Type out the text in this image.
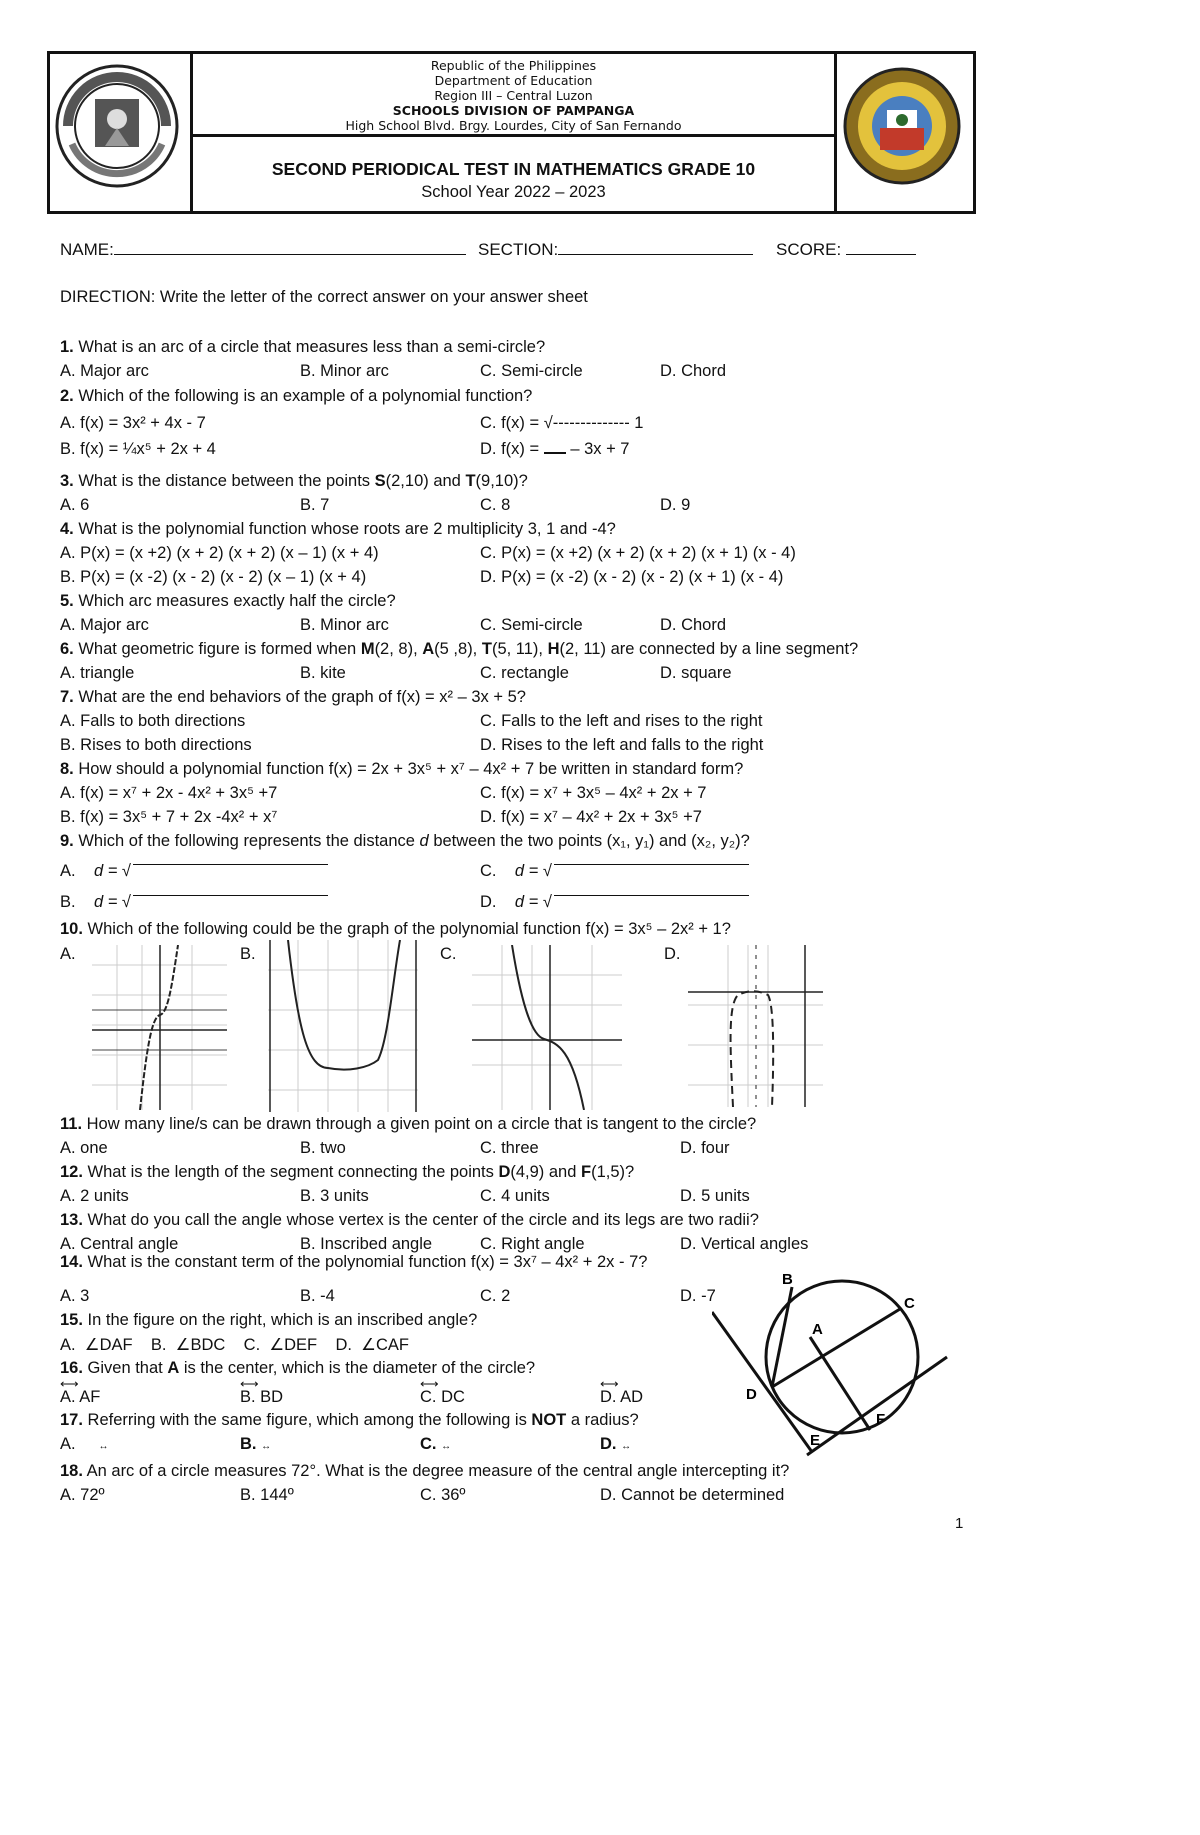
Republic of the Philippines
Department of Education
Region III – Central Luzon
SCHOOLS DIVISION OF PAMPANGA
High School Blvd. Brgy. Lourdes, City of San Fernando
SECOND PERIODICAL TEST IN MATHEMATICS GRADE 10
School Year 2022 – 2023
NAME:	SECTION:	SCORE:
DIRECTION: Write the letter of the correct answer on your answer sheet
1. What is an arc of a circle that measures less than a semi-circle?
A. Major arc	B. Minor arc	C. Semi-circle	D. Chord
2. Which of the following is an example of a polynomial function?
A. f(x) = 3x² + 4x - 7	C. f(x) = √-------------- 1
B. f(x) = ¼x⁵ + 2x + 4	D. f(x) =  – 3x + 7
3. What is the distance between the points S(2,10) and T(9,10)?
A. 6	B. 7	C. 8	D. 9
4. What is the polynomial function whose roots are 2 multiplicity 3, 1 and -4?
A. P(x) = (x +2) (x + 2) (x + 2) (x – 1) (x + 4)	C. P(x) = (x +2) (x + 2) (x + 2) (x + 1) (x - 4)
B. P(x) = (x -2) (x - 2) (x - 2) (x – 1) (x + 4)	D. P(x) = (x -2) (x - 2) (x - 2) (x + 1) (x - 4)
5. Which arc measures exactly half the circle?
A. Major arc	B. Minor arc	C. Semi-circle	D. Chord
6. What geometric figure is formed when M(2, 8), A(5 ,8), T(5, 11), H(2, 11) are connected by a line segment?
A. triangle	B. kite	C. rectangle	D. square
7. What are the end behaviors of the graph of f(x) = x² – 3x + 5?
A. Falls to both directions	C. Falls to the left and rises to the right
B. Rises to both directions	D. Rises to the left and falls to the right
8. How should a polynomial function f(x) = 2x + 3x⁵ + x⁷ – 4x² + 7 be written in standard form?
A. f(x) = x⁷ + 2x - 4x² + 3x⁵ +7	C. f(x) = x⁷ + 3x⁵ – 4x² + 2x + 7
B. f(x) = 3x⁵ + 7 + 2x -4x² + x⁷	D. f(x) = x⁷ – 4x² + 2x + 3x⁵ +7
9. Which of the following represents the distance d between the two points (x₁, y₁) and (x₂, y₂)?
A. d = √	C. d = √
B. d = √	D. d = √
10. Which of the following could be the graph of the polynomial function f(x) = 3x⁵ – 2x² + 1?
A.	B.	C.	D.
11. How many line/s can be drawn through a given point on a circle that is tangent to the circle?
A. one	B. two	C. three	D. four
12. What is the length of the segment connecting the points D(4,9) and F(1,5)?
A. 2 units	B. 3 units	C. 4 units	D. 5 units
13. What do you call the angle whose vertex is the center of the circle and its legs are two radii?
A. Central angle	B. Inscribed angle	C. Right angle	D. Vertical angles
14. What is the constant term of the polynomial function f(x) = 3x⁷ – 4x² + 2x - 7?
A. 3	B. -4	C. 2	D. -7
15. In the figure on the right, which is an inscribed angle?
A. ∠DAF B. ∠BDC C. ∠DEF D. ∠CAF
16. Given that A is the center, which is the diameter of the circle?
⟷	⟷	⟷	⟷
A. AF	B. BD	C. DC	D. AD
17. Referring with the same figure, which among the following is NOT a radius?
A. ↔	B. ↔	C. ↔	D. ↔
18. An arc of a circle measures 72°. What is the degree measure of the central angle intercepting it?
A. 72º	B. 144º	C. 36º	D. Cannot be determined
B
C
A
D
E
F
1
